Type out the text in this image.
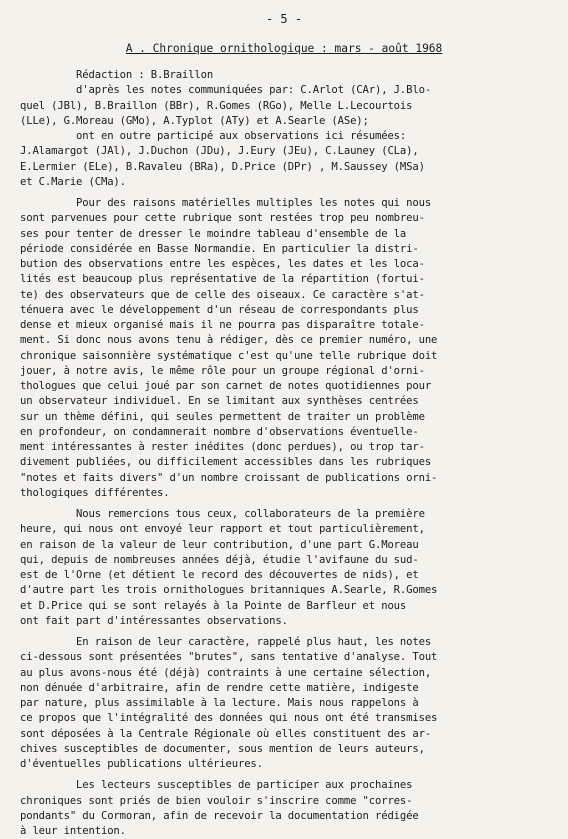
- 5 -
A . Chronique ornithologique : mars - août 1968
Rédaction : B.Braillon
d'après les notes communiquées par: C.Arlot (CAr), J.Blo-
quel (JBl), B.Braillon (BBr), R.Gomes (RGo), Melle L.Lecourtois
(LLe), G.Moreau (GMo), A.Typlot (ATy) et A.Searle (ASe);
ont en outre participé aux observations ici résumées:
J.Alamargot (JAl), J.Duchon (JDu), J.Eury (JEu), C.Launey (CLa),
E.Lermier (ELe), B.Ravaleu (BRa), D.Price (DPr) , M.Saussey (MSa)
et C.Marie (CMa).
Pour des raisons matérielles multiples les notes qui nous
sont parvenues pour cette rubrique sont restées trop peu nombreu-
ses pour tenter de dresser le moindre tableau d'ensemble de la
période considérée en Basse Normandie. En particulier la distri-
bution des observations entre les espèces, les dates et les loca-
lités est beaucoup plus représentative de la répartition (fortui-
te) des observateurs que de celle des oiseaux. Ce caractère s'at-
ténuera avec le développement d'un réseau de correspondants plus
dense et mieux organisé mais il ne pourra pas disparaître totale-
ment. Si donc nous avons tenu à rédiger, dès ce premier numéro, une
chronique saisonnière systématique c'est qu'une telle rubrique doit
jouer, à notre avis, le même rôle pour un groupe régional d'orni-
thologues que celui joué par son carnet de notes quotidiennes pour
un observateur individuel. En se limitant aux synthèses centrées
sur un thème défini, qui seules permettent de traiter un problème
en profondeur, on condamnerait nombre d'observations éventuelle-
ment intéressantes à rester inédites (donc perdues), ou trop tar-
divement publiées, ou difficilement accessibles dans les rubriques
"notes et faits divers" d'un nombre croissant de publications orni-
thologiques différentes.
Nous remercions tous ceux, collaborateurs de la première
heure, qui nous ont envoyé leur rapport et tout particulièrement,
en raison de la valeur de leur contribution, d'une part G.Moreau
qui, depuis de nombreuses années déjà, étudie l'avifaune du sud-
est de l'Orne (et détient le record des découvertes de nids), et
d'autre part les trois ornithologues britanniques A.Searle, R.Gomes
et D.Price qui se sont relayés à la Pointe de Barfleur et nous
ont fait part d'intéressantes observations.
En raison de leur caractère, rappelé plus haut, les notes
ci-dessous sont présentées "brutes", sans tentative d'analyse. Tout
au plus avons-nous été (déjà) contraints à une certaine sélection,
non dénuée d'arbitraire, afin de rendre cette matière, indigeste
par nature, plus assimilable à la lecture. Mais nous rappelons à
ce propos que l'intégralité des données qui nous ont été transmises
sont déposées à la Centrale Régionale où elles constituent des ar-
chives susceptibles de documenter, sous mention de leurs auteurs,
d'éventuelles publications ultérieures.
Les lecteurs susceptibles de participer aux prochaines
chroniques sont priés de bien vouloir s'inscrire comme "corres-
pondants" du Cormoran, afin de recevoir la documentation rédigée
à leur intention.
